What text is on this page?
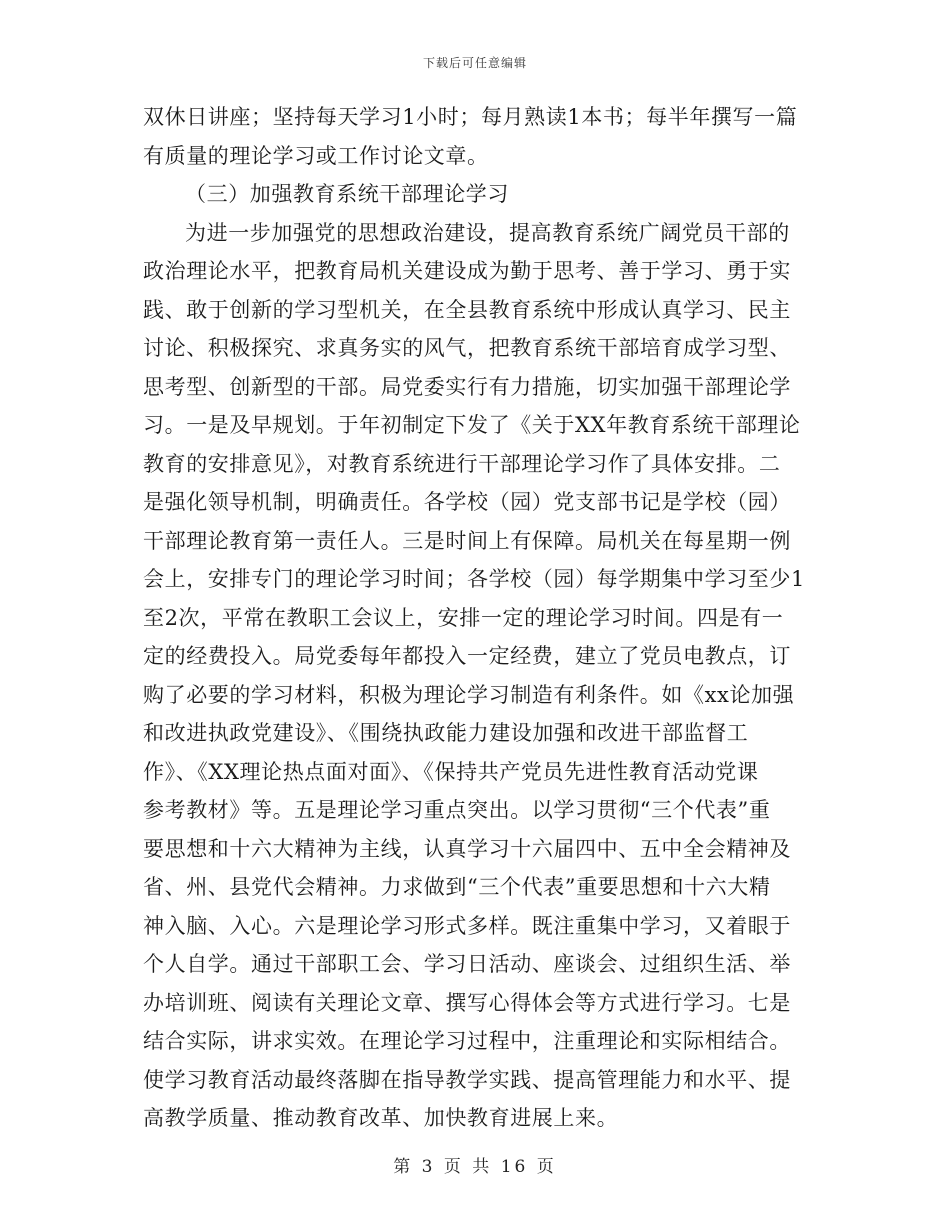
下载后可任意编辑
双休日讲座；坚持每天学习1小时；每月熟读1本书；每半年撰写一篇
有质量的理论学习或工作讨论文章。
（三）加强教育系统干部理论学习
为进一步加强党的思想政治建设，提高教育系统广阔党员干部的
政治理论水平，把教育局机关建设成为勤于思考、善于学习、勇于实
践、敢于创新的学习型机关，在全县教育系统中形成认真学习、民主
讨论、积极探究、求真务实的风气，把教育系统干部培育成学习型、
思考型、创新型的干部。局党委实行有力措施，切实加强干部理论学
习。一是及早规划。于年初制定下发了《关于XX年教育系统干部理论
教育的安排意见》，对教育系统进行干部理论学习作了具体安排。二
是强化领导机制，明确责任。各学校（园）党支部书记是学校（园）
干部理论教育第一责任人。三是时间上有保障。局机关在每星期一例
会上，安排专门的理论学习时间；各学校（园）每学期集中学习至少1
至2次，平常在教职工会议上，安排一定的理论学习时间。四是有一
定的经费投入。局党委每年都投入一定经费，建立了党员电教点，订
购了必要的学习材料，积极为理论学习制造有利条件。如《xx论加强
和改进执政党建设》、《围绕执政能力建设加强和改进干部监督工
作》、《XX理论热点面对面》、《保持共产党员先进性教育活动党课
参考教材》等。五是理论学习重点突出。以学习贯彻“三个代表”重
要思想和十六大精神为主线，认真学习十六届四中、五中全会精神及
省、州、县党代会精神。力求做到“三个代表”重要思想和十六大精
神入脑、入心。六是理论学习形式多样。既注重集中学习，又着眼于
个人自学。通过干部职工会、学习日活动、座谈会、过组织生活、举
办培训班、阅读有关理论文章、撰写心得体会等方式进行学习。七是
结合实际，讲求实效。在理论学习过程中，注重理论和实际相结合。
使学习教育活动最终落脚在指导教学实践、提高管理能力和水平、提
高教学质量、推动教育改革、加快教育进展上来。
第 3 页 共 16 页
